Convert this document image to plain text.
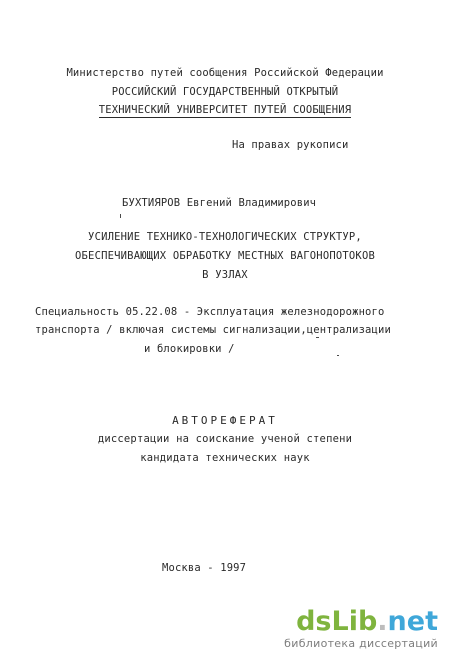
Министерство путей сообщения Российской Федерации
РОССИЙСКИЙ ГОСУДАРСТВЕННЫЙ ОТКРЫТЫЙ
ТЕХНИЧЕСКИЙ УНИВЕРСИТЕТ ПУТЕЙ СООБЩЕНИЯ
На правах рукописи
БУХТИЯРОВ Евгений Владимирович
УСИЛЕНИЕ ТЕХНИКО-ТЕХНОЛОГИЧЕСКИХ СТРУКТУР,
ОБЕСПЕЧИВАЮЩИХ ОБРАБОТКУ МЕСТНЫХ ВАГОНОПОТОКОВ
В УЗЛАХ
Специальность 05.22.08 - Эксплуатация железнодорожного
транспорта / включая системы сигнализации,централизации
и блокировки /
АВТОРЕФЕРАТ
диссертации на соискание ученой степени
кандидата технических наук
Москва - 1997
dsLib.net
библиотека диссертаций
